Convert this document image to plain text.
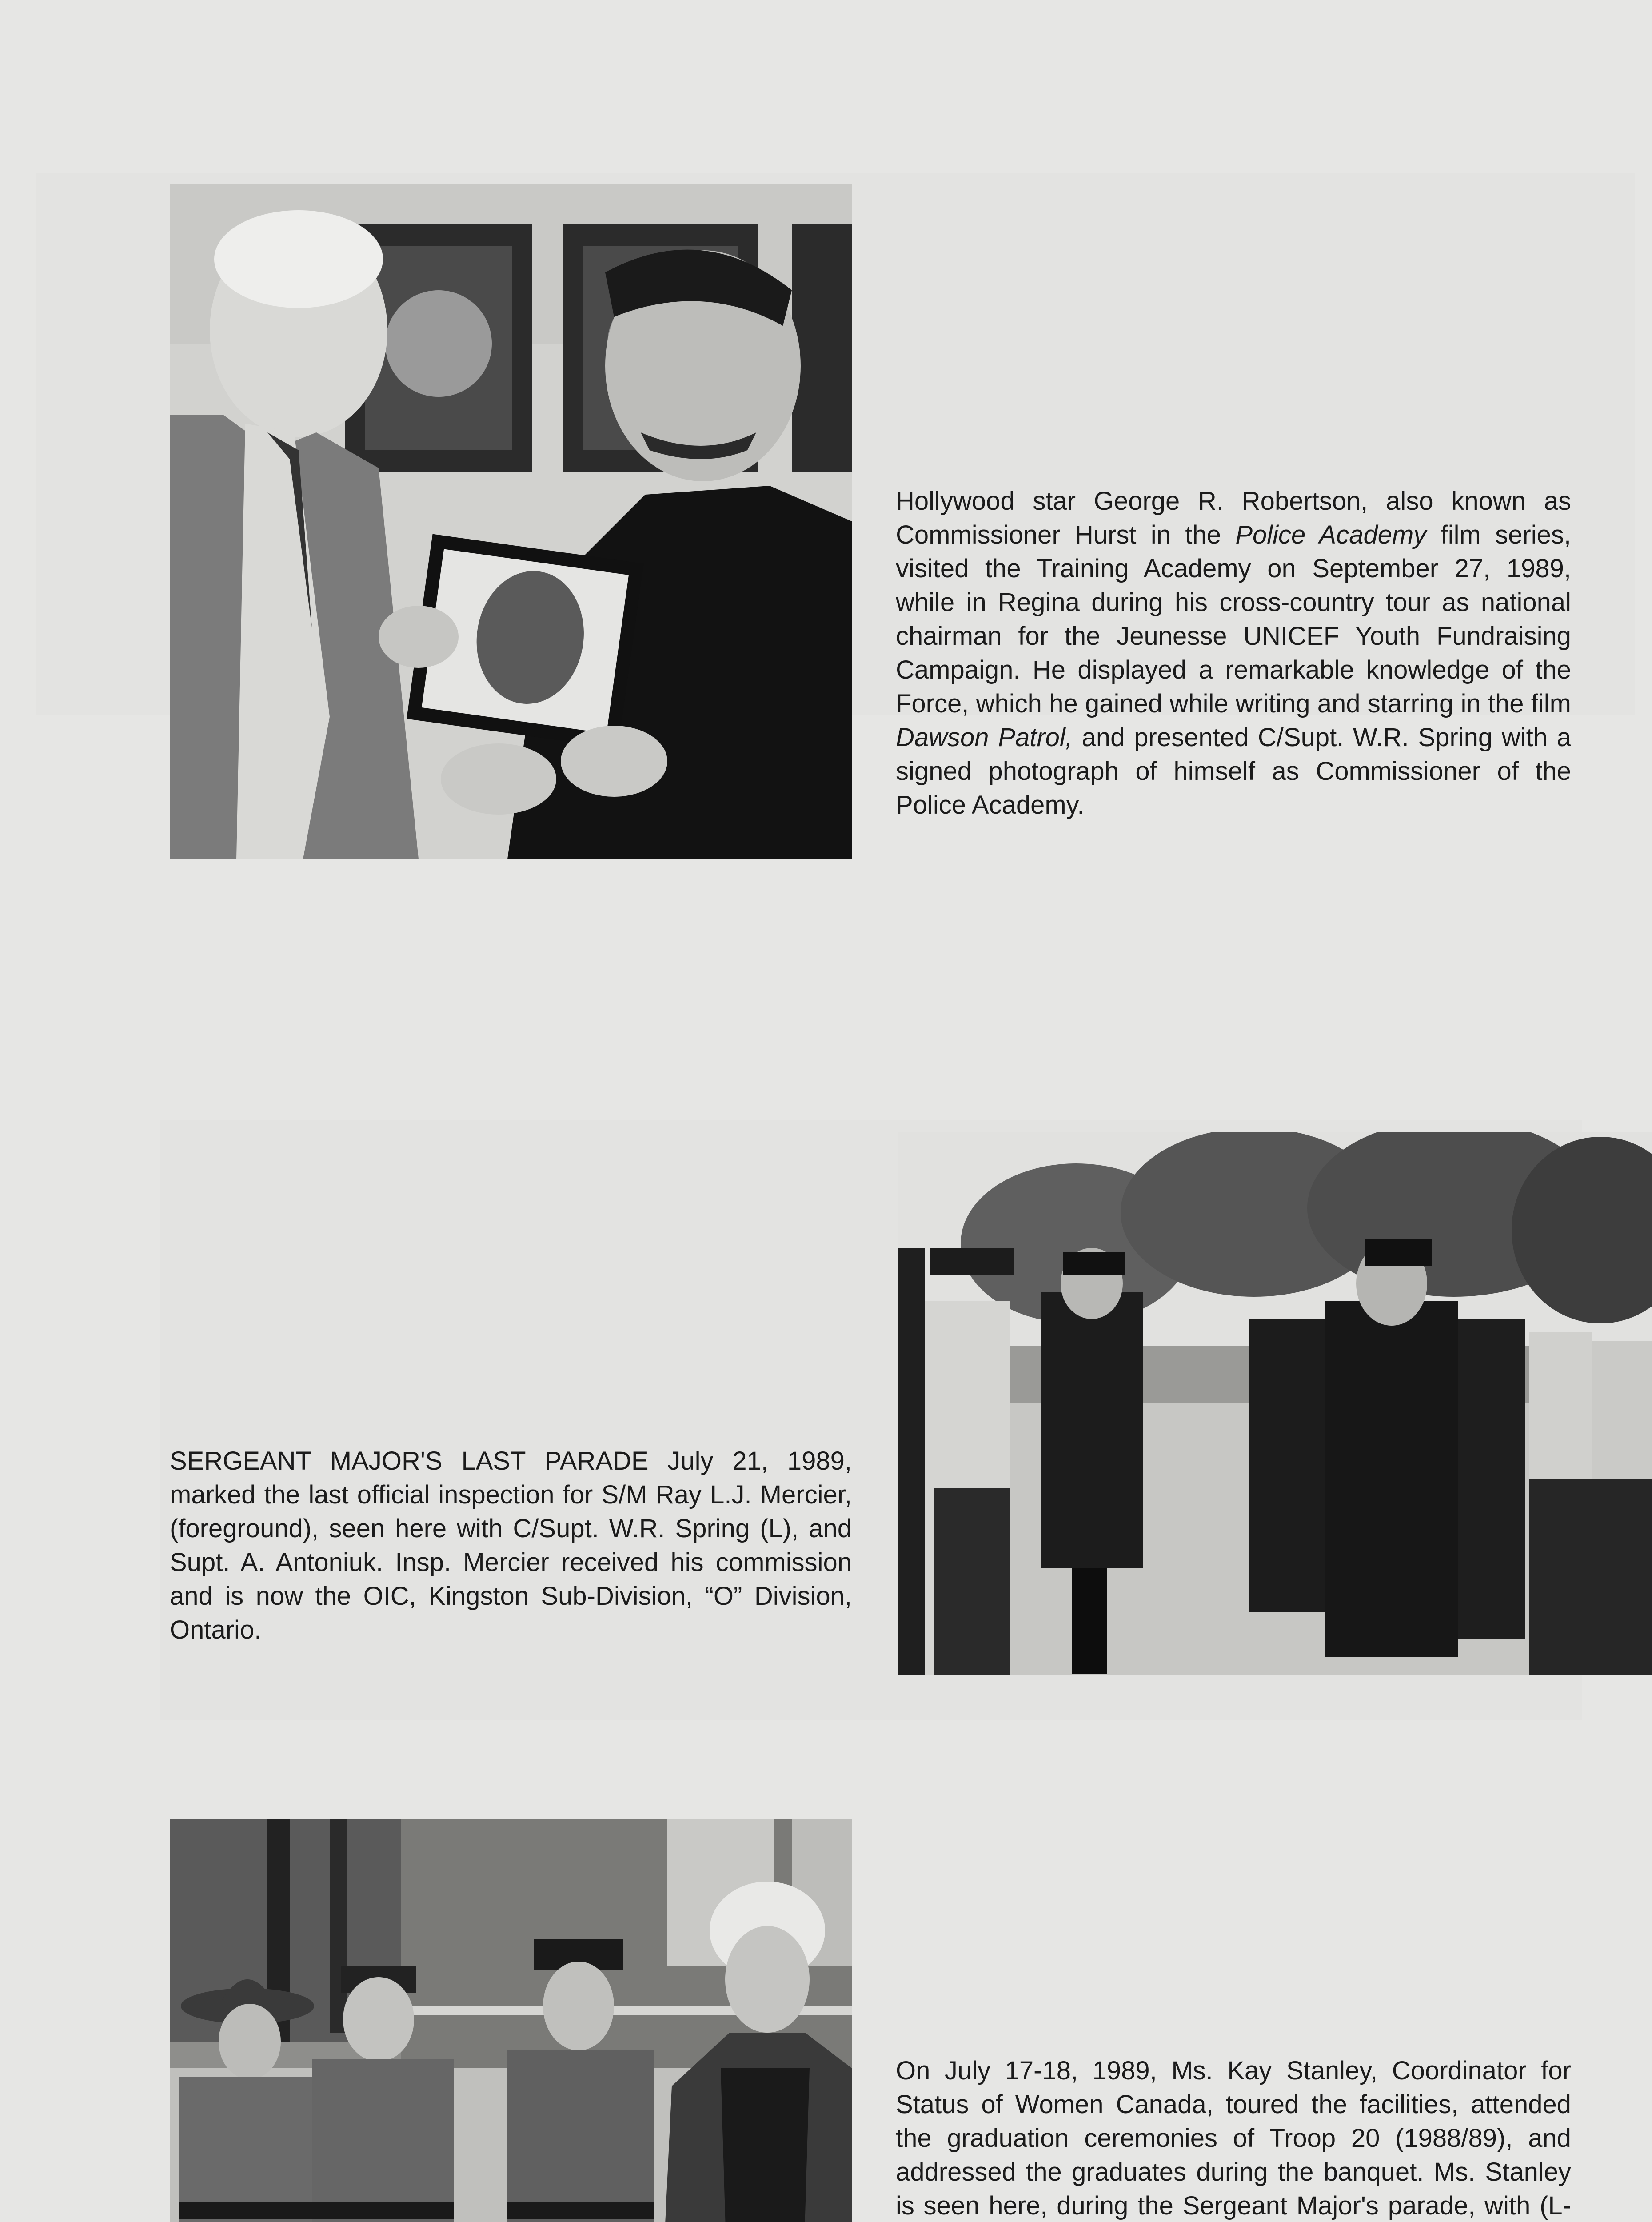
Hollywood star George R. Robertson, also known as Commissioner Hurst in the Police Academy film series, visited the Training Academy on September 27, 1989, while in Regina during his cross-country tour as national chairman for the Jeunesse UNICEF Youth Fundraising Campaign. He displayed a remarkable knowledge of the Force, which he gained while writing and starring in the film Dawson Patrol, and presented C/Supt. W.R. Spring with a signed photograph of himself as Commissioner of the Police Academy.
SERGEANT MAJOR'S LAST PARADE July 21, 1989, marked the last official inspection for S/M Ray L.J. Mercier, (foreground), seen here with C/Supt. W.R. Spring (L), and Supt. A. Antoniuk. Insp. Mercier received his commission and is now the OIC, Kingston Sub-Division, “O” Division, Ontario.
On July 17-18, 1989, Ms. Kay Stanley, Coordinator for Status of Women Canada, toured the facilities, attended the graduation ceremonies of Troop 20 (1988/89), and addressed the graduates during the banquet. Ms. Stanley is seen here, during the Sergeant Major's parade, with (L-
